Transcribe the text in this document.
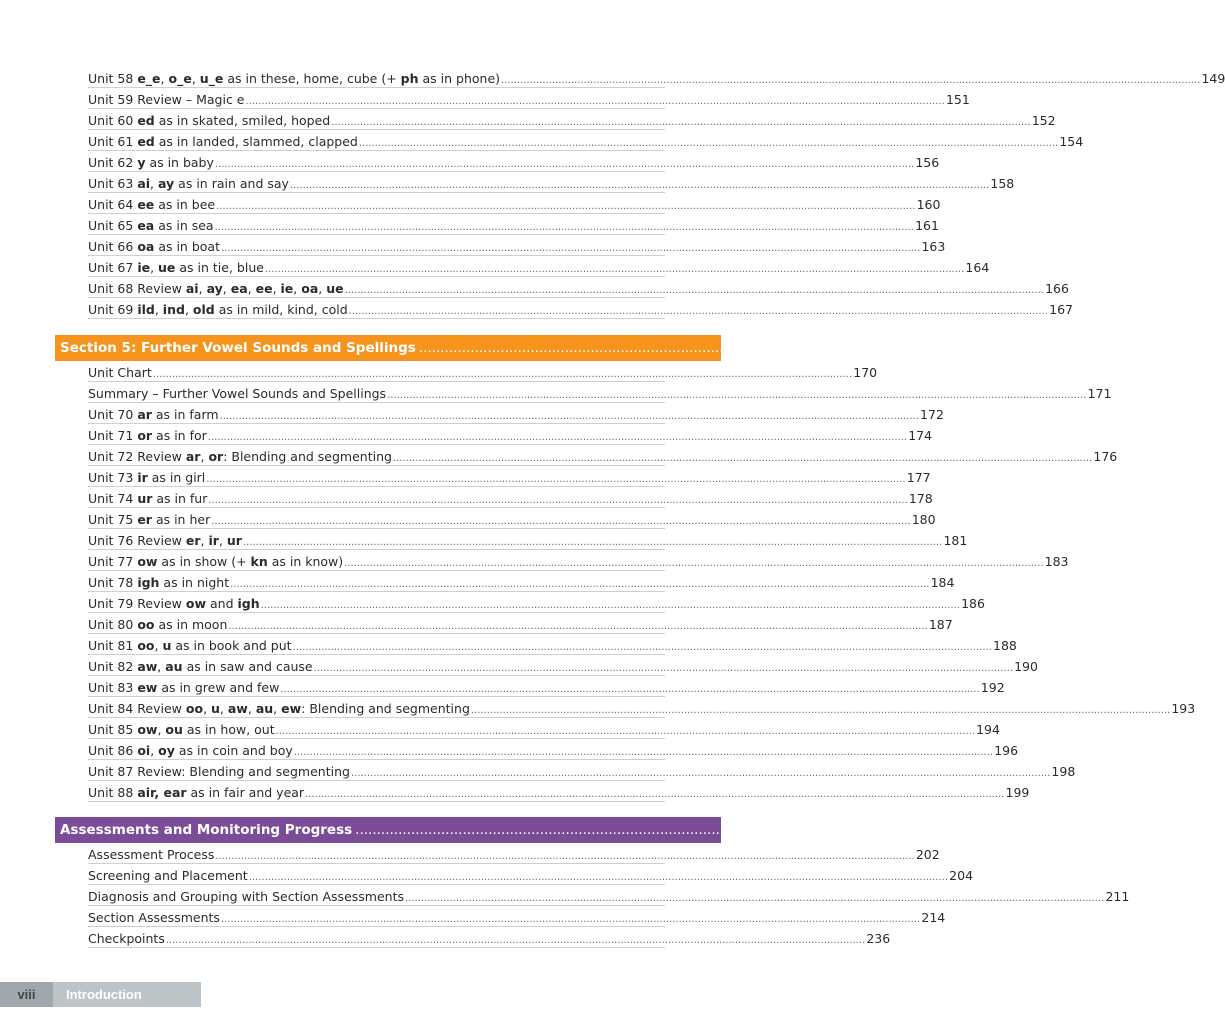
Unit 58 e_e, o_e, u_e as in these, home, cube (+ ph as in phone) ............................................................................................................................................................................................................................ 149
Unit 59 Review – Magic e ............................................................................................................................................................................................................................ 151
Unit 60 ed as in skated, smiled, hoped ............................................................................................................................................................................................................................ 152
Unit 61 ed as in landed, slammed, clapped ............................................................................................................................................................................................................................ 154
Unit 62 y as in baby ............................................................................................................................................................................................................................ 156
Unit 63 ai, ay as in rain and say ............................................................................................................................................................................................................................ 158
Unit 64 ee as in bee ............................................................................................................................................................................................................................ 160
Unit 65 ea as in sea ............................................................................................................................................................................................................................ 161
Unit 66 oa as in boat ............................................................................................................................................................................................................................ 163
Unit 67 ie, ue as in tie, blue ............................................................................................................................................................................................................................ 164
Unit 68 Review ai, ay, ea, ee, ie, oa, ue ............................................................................................................................................................................................................................ 166
Unit 69 ild, ind, old as in mild, kind, cold ............................................................................................................................................................................................................................ 167
Section 5: Further Vowel Sounds and Spellings ........................................................................................................................ 169–200
Unit Chart ............................................................................................................................................................................................................................ 170
Summary – Further Vowel Sounds and Spellings ............................................................................................................................................................................................................................ 171
Unit 70 ar as in farm ............................................................................................................................................................................................................................ 172
Unit 71 or as in for ............................................................................................................................................................................................................................ 174
Unit 72 Review ar, or: Blending and segmenting ............................................................................................................................................................................................................................ 176
Unit 73 ir as in girl ............................................................................................................................................................................................................................ 177
Unit 74 ur as in fur ............................................................................................................................................................................................................................ 178
Unit 75 er as in her ............................................................................................................................................................................................................................ 180
Unit 76 Review er, ir, ur ............................................................................................................................................................................................................................ 181
Unit 77 ow as in show (+ kn as in know) ............................................................................................................................................................................................................................ 183
Unit 78 igh as in night ............................................................................................................................................................................................................................ 184
Unit 79 Review ow and igh ............................................................................................................................................................................................................................ 186
Unit 80 oo as in moon ............................................................................................................................................................................................................................ 187
Unit 81 oo, u as in book and put ............................................................................................................................................................................................................................ 188
Unit 82 aw, au as in saw and cause ............................................................................................................................................................................................................................ 190
Unit 83 ew as in grew and few ............................................................................................................................................................................................................................ 192
Unit 84 Review oo, u, aw, au, ew: Blending and segmenting ............................................................................................................................................................................................................................ 193
Unit 85 ow, ou as in how, out ............................................................................................................................................................................................................................ 194
Unit 86 oi, oy as in coin and boy ............................................................................................................................................................................................................................ 196
Unit 87 Review: Blending and segmenting ............................................................................................................................................................................................................................ 198
Unit 88 air, ear as in fair and year ............................................................................................................................................................................................................................ 199
Assessments and Monitoring Progress ........................................................................................................................ 201–269
Assessment Process ............................................................................................................................................................................................................................ 202
Screening and Placement ............................................................................................................................................................................................................................ 204
Diagnosis and Grouping with Section Assessments ............................................................................................................................................................................................................................ 211
Section Assessments ............................................................................................................................................................................................................................ 214
Checkpoints ............................................................................................................................................................................................................................ 236
viii	Introduction
